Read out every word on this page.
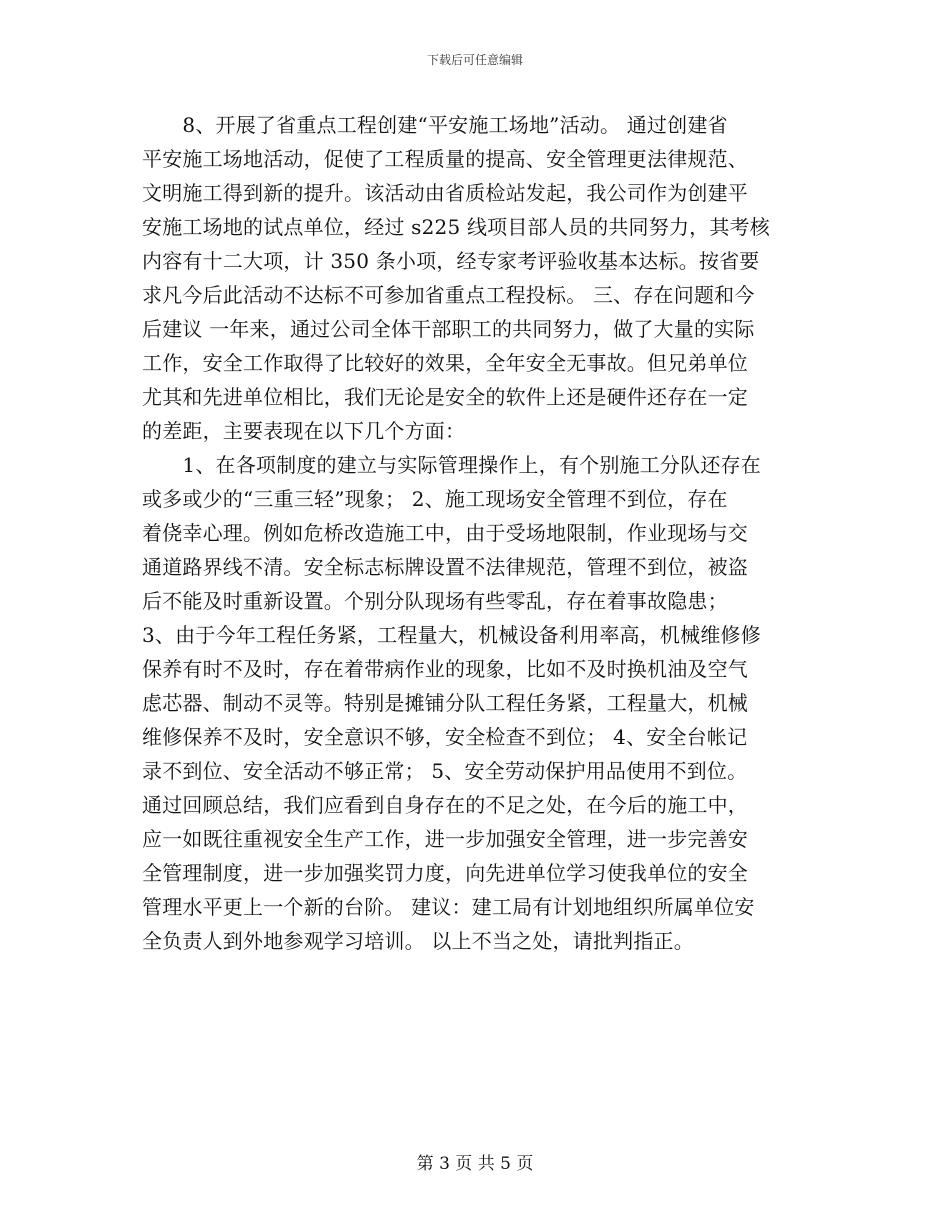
下载后可任意编辑
　　8、开展了省重点工程创建“平安施工场地”活动。 通过创建省
平安施工场地活动，促使了工程质量的提高、安全管理更法律规范、
文明施工得到新的提升。该活动由省质检站发起，我公司作为创建平
安施工场地的试点单位，经过 s225 线项目部人员的共同努力，其考核
内容有十二大项，计 350 条小项，经专家考评验收基本达标。按省要
求凡今后此活动不达标不可参加省重点工程投标。 三、存在问题和今
后建议 一年来，通过公司全体干部职工的共同努力，做了大量的实际
工作，安全工作取得了比较好的效果，全年安全无事故。但兄弟单位
尤其和先进单位相比，我们无论是安全的软件上还是硬件还存在一定
的差距，主要表现在以下几个方面：
　　1、在各项制度的建立与实际管理操作上，有个别施工分队还存在
或多或少的“三重三轻”现象； 2、施工现场安全管理不到位，存在
着侥幸心理。例如危桥改造施工中，由于受场地限制，作业现场与交
通道路界线不清。安全标志标牌设置不法律规范，管理不到位，被盗
后不能及时重新设置。个别分队现场有些零乱，存在着事故隐患；
3、由于今年工程任务紧，工程量大，机械设备利用率高，机械维修修
保养有时不及时，存在着带病作业的现象，比如不及时换机油及空气
虑芯器、制动不灵等。特别是摊铺分队工程任务紧，工程量大，机械
维修保养不及时，安全意识不够，安全检查不到位； 4、安全台帐记
录不到位、安全活动不够正常； 5、安全劳动保护用品使用不到位。
通过回顾总结，我们应看到自身存在的不足之处，在今后的施工中，
应一如既往重视安全生产工作，进一步加强安全管理，进一步完善安
全管理制度，进一步加强奖罚力度，向先进单位学习使我单位的安全
管理水平更上一个新的台阶。 建议：建工局有计划地组织所属单位安
全负责人到外地参观学习培训。 以上不当之处，请批判指正。
第 3 页 共 5 页
